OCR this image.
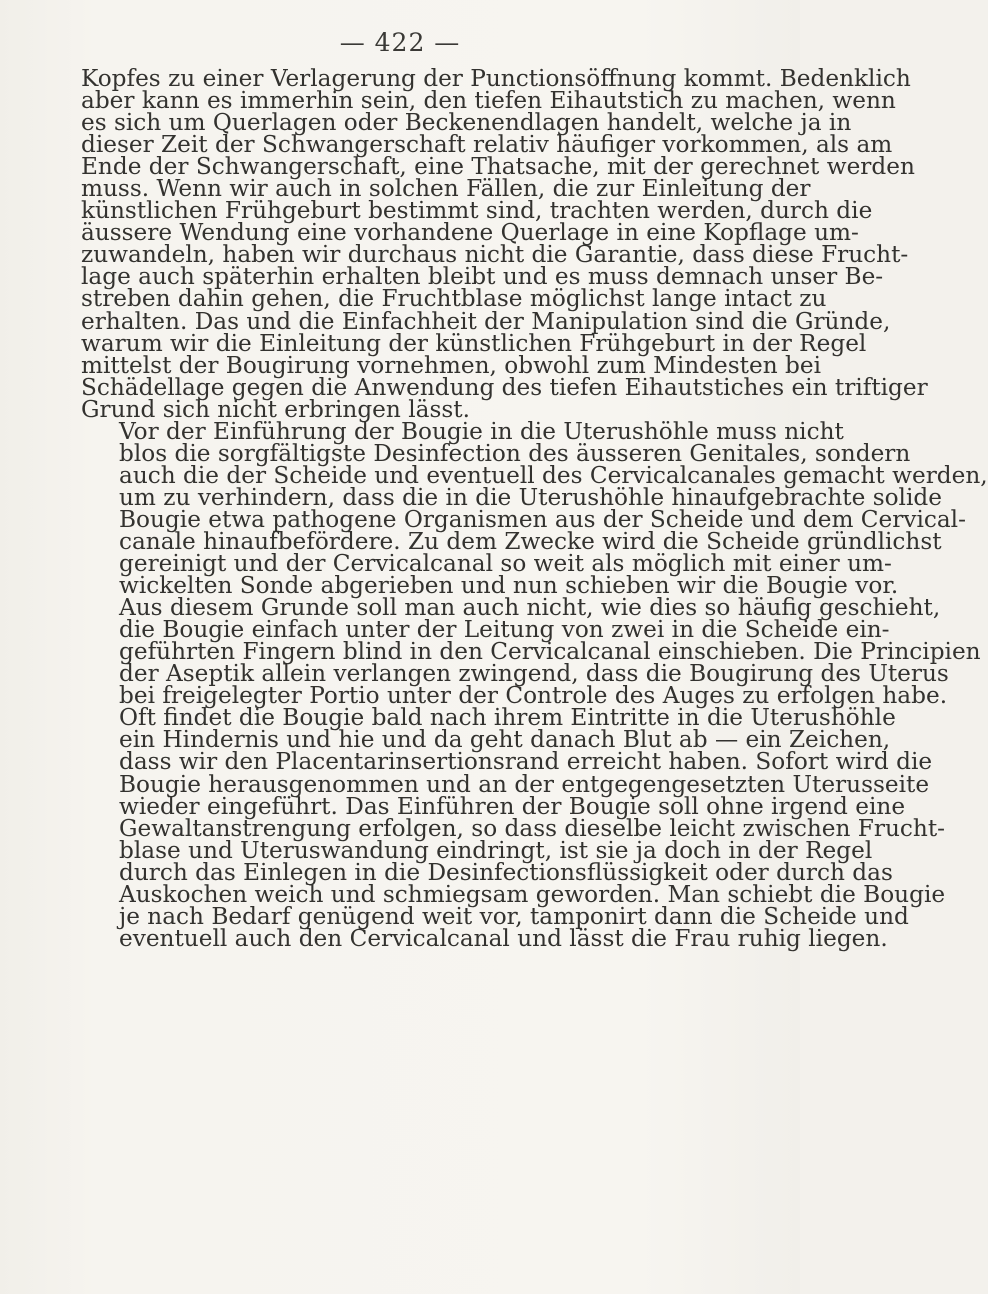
— 422 —

Kopfes zu einer Verlagerung der Punctionsöffnung kommt. Bedenklich
aber kann es immerhin sein, den tiefen Eihautstich zu machen, wenn
es sich um Querlagen oder Beckenendlagen handelt, welche ja in
dieser Zeit der Schwangerschaft relativ häufiger vorkommen, als am
Ende der Schwangerschaft, eine Thatsache, mit der gerechnet werden
muss. Wenn wir auch in solchen Fällen, die zur Einleitung der
künstlichen Frühgeburt bestimmt sind, trachten werden, durch die
äussere Wendung eine vorhandene Querlage in eine Kopflage um-
zuwandeln, haben wir durchaus nicht die Garantie, dass diese Frucht-
lage auch späterhin erhalten bleibt und es muss demnach unser Be-
streben dahin gehen, die Fruchtblase möglichst lange intact zu
erhalten. Das und die Einfachheit der Manipulation sind die Gründe,
warum wir die Einleitung der künstlichen Frühgeburt in der Regel
mittelst der Bougirung vornehmen, obwohl zum Mindesten bei
Schädellage gegen die Anwendung des tiefen Eihautstiches ein triftiger
Grund sich nicht erbringen lässt.

Vor der Einführung der Bougie in die Uterushöhle muss nicht
blos die sorgfältigste Desinfection des äusseren Genitales, sondern
auch die der Scheide und eventuell des Cervicalcanales gemacht werden,
um zu verhindern, dass die in die Uterushöhle hinaufgebrachte solide
Bougie etwa pathogene Organismen aus der Scheide und dem Cervical-
canale hinaufbefördere. Zu dem Zwecke wird die Scheide gründlichst
gereinigt und der Cervicalcanal so weit als möglich mit einer um-
wickelten Sonde abgerieben und nun schieben wir die Bougie vor.
Aus diesem Grunde soll man auch nicht, wie dies so häufig geschieht,
die Bougie einfach unter der Leitung von zwei in die Scheide ein-
geführten Fingern blind in den Cervicalcanal einschieben. Die Principien
der Aseptik allein verlangen zwingend, dass die Bougirung des Uterus
bei freigelegter Portio unter der Controle des Auges zu erfolgen habe.
Oft findet die Bougie bald nach ihrem Eintritte in die Uterushöhle
ein Hindernis und hie und da geht danach Blut ab — ein Zeichen,
dass wir den Placentarinsertionsrand erreicht haben. Sofort wird die
Bougie herausgenommen und an der entgegengesetzten Uterusseite
wieder eingeführt. Das Einführen der Bougie soll ohne irgend eine
Gewaltanstrengung erfolgen, so dass dieselbe leicht zwischen Frucht-
blase und Uteruswandung eindringt, ist sie ja doch in der Regel
durch das Einlegen in die Desinfectionsflüssigkeit oder durch das
Auskochen weich und schmiegsam geworden. Man schiebt die Bougie
je nach Bedarf genügend weit vor, tamponirt dann die Scheide und
eventuell auch den Cervicalcanal und lässt die Frau ruhig liegen.
